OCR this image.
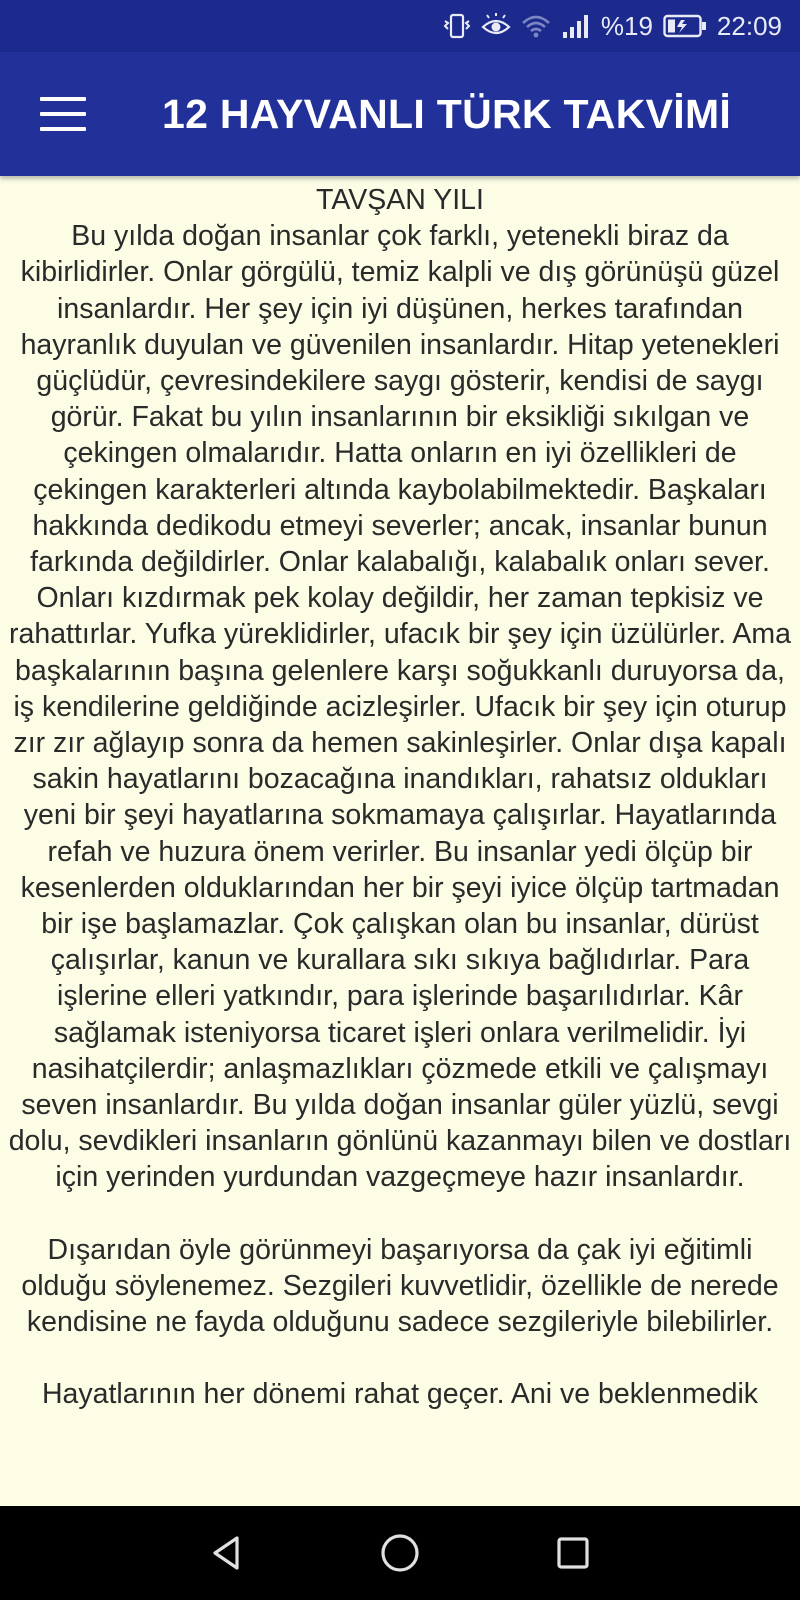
%19 22:09
12 HAYVANLI TÜRK TAKVİMİ

TAVŞAN YILI

Bu yılda doğan insanlar çok farklı, yetenekli biraz da kibirlidirler. Onlar görgülü, temiz kalpli ve dış görünüşü güzel insanlardır. Her şey için iyi düşünen, herkes tarafından hayranlık duyulan ve güvenilen insanlardır. Hitap yetenekleri güçlüdür, çevresindekilere saygı gösterir, kendisi de saygı görür. Fakat bu yılın insanlarının bir eksikliği sıkılgan ve çekingen olmalarıdır. Hatta onların en iyi özellikleri de çekingen karakterleri altında kaybolabilmektedir. Başkaları hakkında dedikodu etmeyi severler; ancak, insanlar bunun farkında değildirler. Onlar kalabalığı, kalabalık onları sever. Onları kızdırmak pek kolay değildir, her zaman tepkisiz ve rahattırlar. Yufka yüreklidirler, ufacık bir şey için üzülürler. Ama başkalarının başına gelenlere karşı soğukkanlı duruyorsa da, iş kendilerine geldiğinde acizleşirler. Ufacık bir şey için oturup zır zır ağlayıp sonra da hemen sakinleşirler. Onlar dışa kapalı sakin hayatlarını bozacağına inandıkları, rahatsız oldukları yeni bir şeyi hayatlarına sokmamaya çalışırlar. Hayatlarında refah ve huzura önem verirler. Bu insanlar yedi ölçüp bir kesenlerden olduklarından her bir şeyi iyice ölçüp tartmadan bir işe başlamazlar. Çok çalışkan olan bu insanlar, dürüst çalışırlar, kanun ve kurallara sıkı sıkıya bağlıdırlar. Para işlerine elleri yatkındır, para işlerinde başarılıdırlar. Kâr sağlamak isteniyorsa ticaret işleri onlara verilmelidir. İyi nasihatçilerdir; anlaşmazlıkları çözmede etkili ve çalışmayı seven insanlardır. Bu yılda doğan insanlar güler yüzlü, sevgi dolu, sevdikleri insanların gönlünü kazanmayı bilen ve dostları için yerinden yurdundan vazgeçmeye hazır insanlardır.

Dışarıdan öyle görünmeyi başarıyorsa da çak iyi eğitimli olduğu söylenemez. Sezgileri kuvvetlidir, özellikle de nerede kendisine ne fayda olduğunu sadece sezgileriyle bilebilirler.

Hayatlarının her dönemi rahat geçer. Ani ve beklenmedik
